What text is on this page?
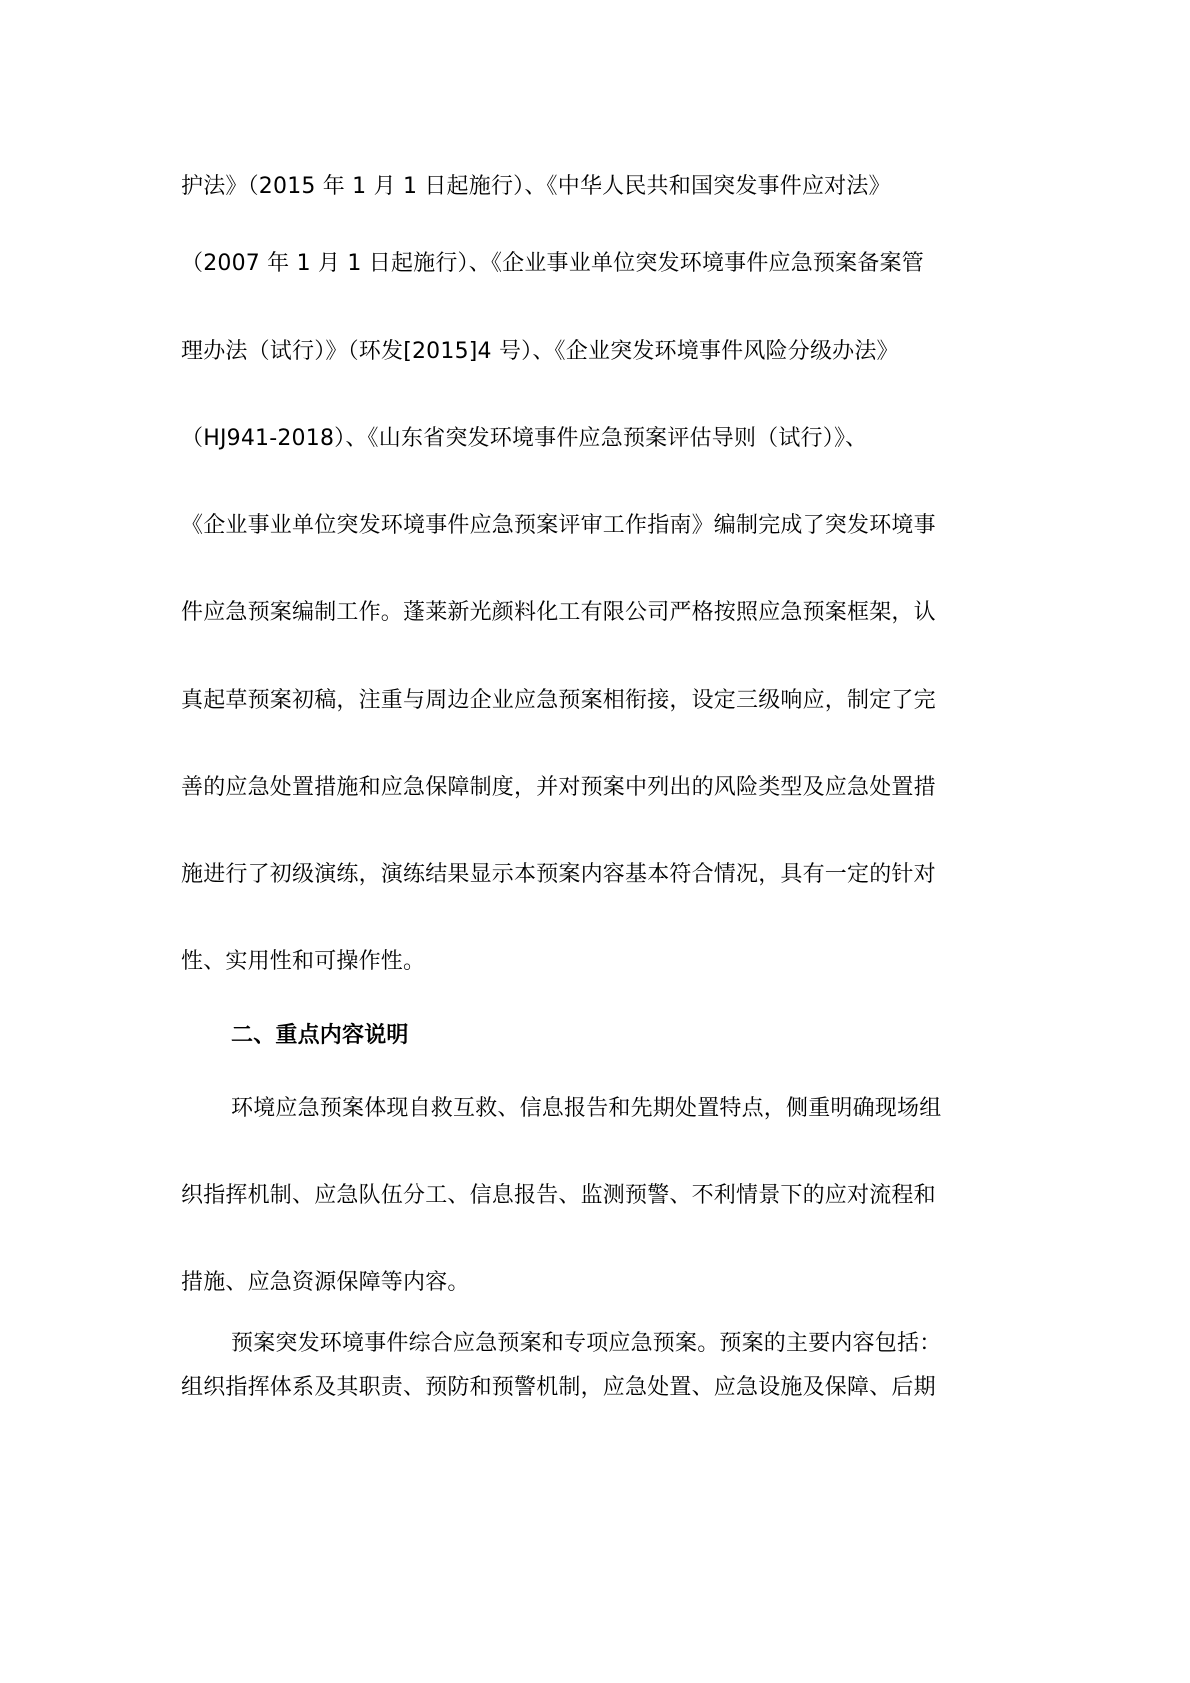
护法》（2015 年 1 月 1 日起施行）、《中华人民共和国突发事件应对法》
（2007 年 1 月 1 日起施行）、《企业事业单位突发环境事件应急预案备案管
理办法（试行）》（环发[2015]4 号）、《企业突发环境事件风险分级办法》
（HJ941-2018）、《山东省突发环境事件应急预案评估导则（试行）》、
《企业事业单位突发环境事件应急预案评审工作指南》编制完成了突发环境事
件应急预案编制工作。蓬莱新光颜料化工有限公司严格按照应急预案框架，认
真起草预案初稿，注重与周边企业应急预案相衔接，设定三级响应，制定了完
善的应急处置措施和应急保障制度，并对预案中列出的风险类型及应急处置措
施进行了初级演练，演练结果显示本预案内容基本符合情况，具有一定的针对
性、实用性和可操作性。
二、重点内容说明
环境应急预案体现自救互救、信息报告和先期处置特点，侧重明确现场组
织指挥机制、应急队伍分工、信息报告、监测预警、不利情景下的应对流程和
措施、应急资源保障等内容。
预案突发环境事件综合应急预案和专项应急预案。预案的主要内容包括：
组织指挥体系及其职责、预防和预警机制，应急处置、应急设施及保障、后期
